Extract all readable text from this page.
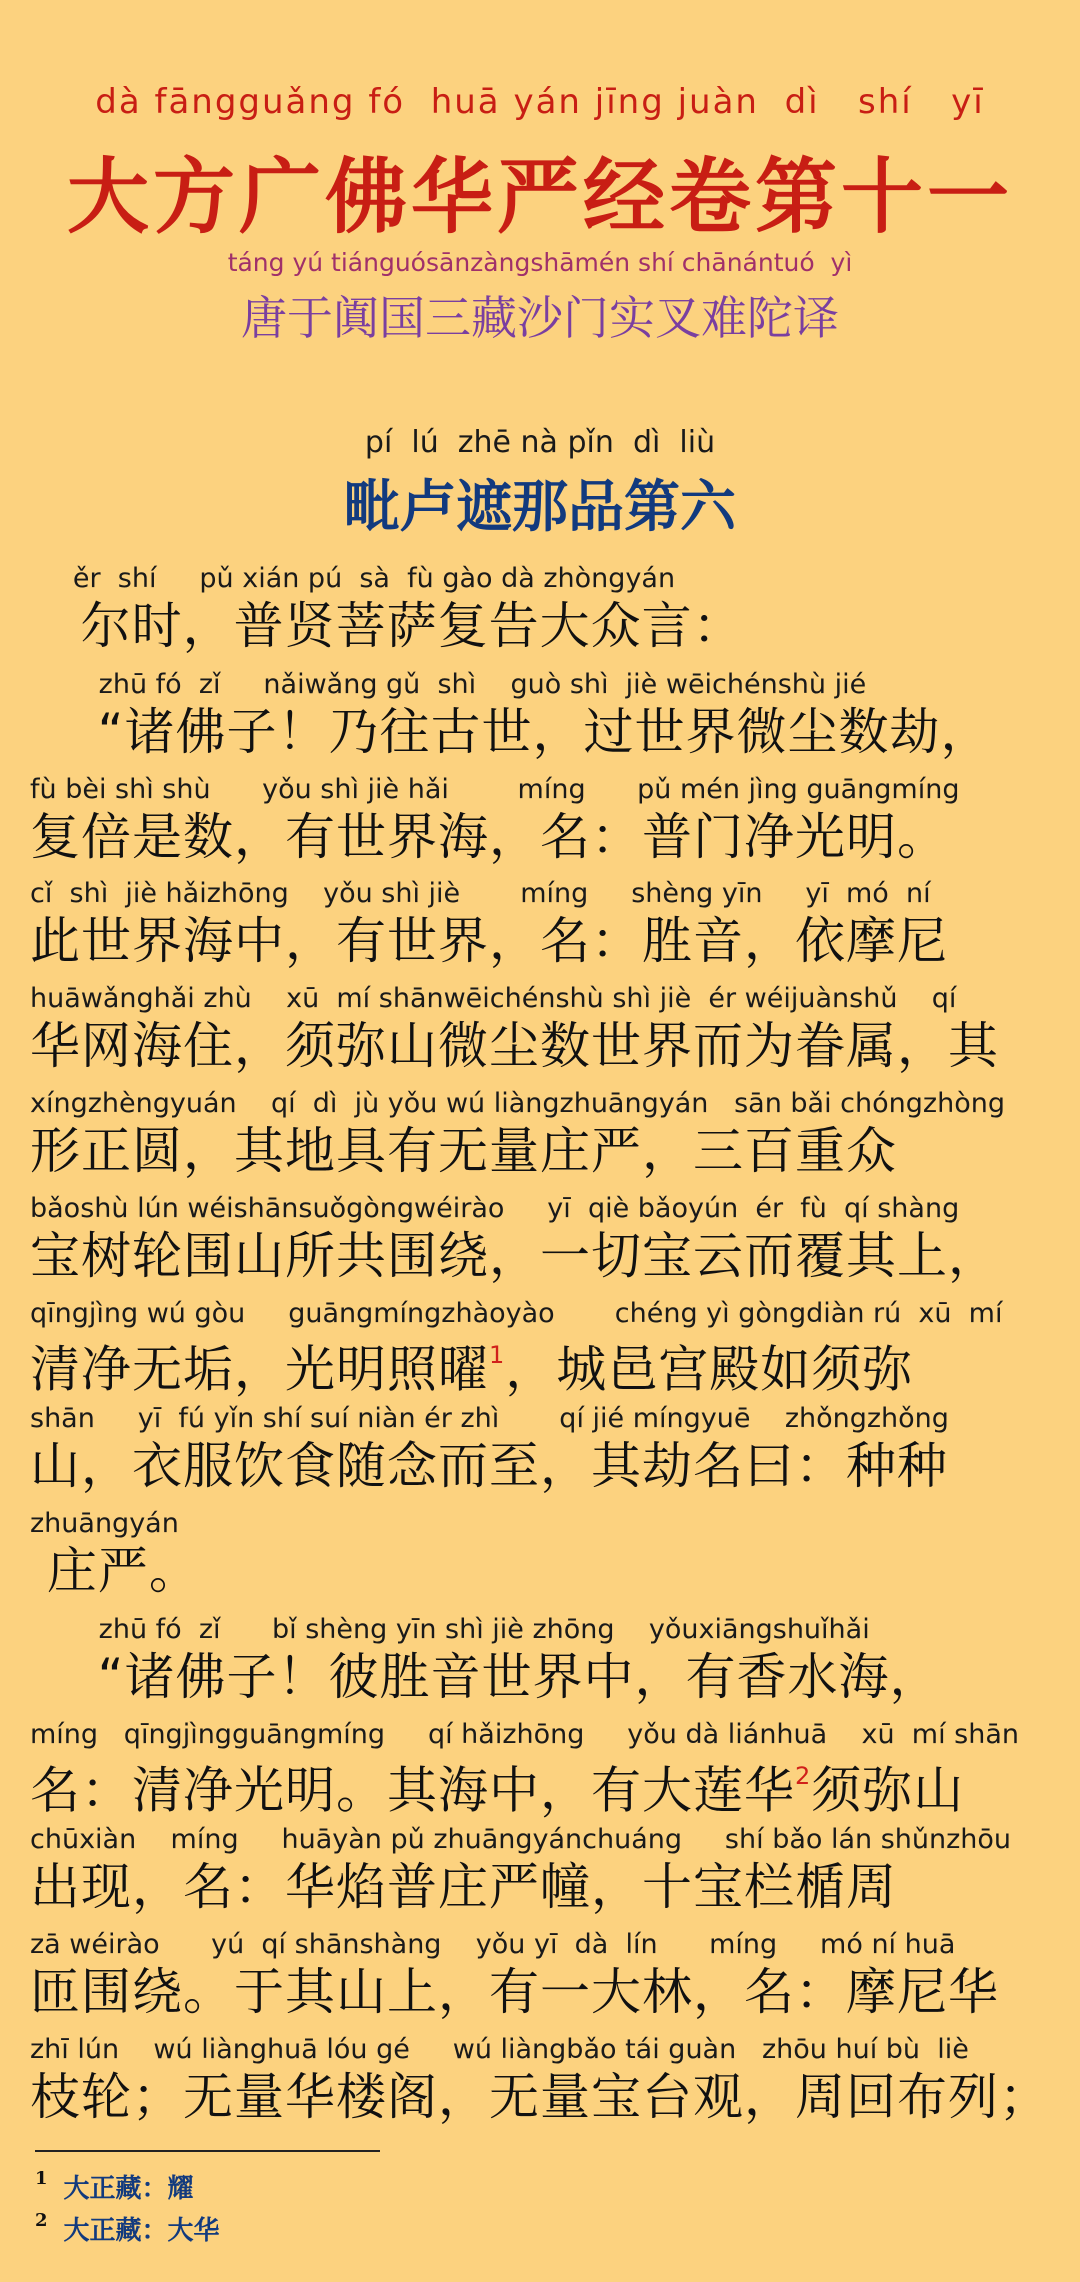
dà fāngguǎng fó  huā yán jīng juàn  dì   shí   yī
大方广佛华严经卷第十一
táng yú tiánguósānzàngshāmén shí chānántuó  yì
唐于阗国三藏沙门实叉难陀译
pí  lú  zhē nà pǐn  dì  liù
毗卢遮那品第六
ěr  shí     pǔ xián pú  sà  fù gào dà zhòngyán
尔时，普贤菩萨复告大众言：
zhū fó  zǐ     nǎiwǎng gǔ  shì    guò shì  jiè wēichénshù jié
“诸佛子！乃往古世，过世界微尘数劫，
fù bèi shì shù      yǒu shì jiè hǎi        míng      pǔ mén jìng guāngmíng
复倍是数，有世界海，名：普门净光明。
cǐ  shì  jiè hǎizhōng    yǒu shì jiè       míng     shèng yīn     yī  mó  ní
此世界海中，有世界，名：胜音，依摩尼
huāwǎnghǎi zhù    xū  mí shānwēichénshù shì jiè  ér wéijuànshǔ    qí
华网海住，须弥山微尘数世界而为眷属，其
xíngzhèngyuán    qí  dì  jù yǒu wú liàngzhuāngyán   sān bǎi chóngzhòng
形正圆，其地具有无量庄严，三百重众
bǎoshù lún wéishānsuǒgòngwéirào     yī  qiè bǎoyún  ér  fù  qí shàng
宝树轮围山所共围绕，一切宝云而覆其上，
qīngjìng wú gòu     guāngmíngzhàoyào       chéng yì gòngdiàn rú  xū  mí
清净无垢，光明照曜$^1$，城邑宫殿如须弥
shān     yī  fú yǐn shí suí niàn ér zhì       qí jié míngyuē    zhǒngzhǒng
山，衣服饮食随念而至，其劫名曰：种种
zhuāngyán
庄严。
zhū fó  zǐ      bǐ shèng yīn shì jiè zhōng    yǒuxiāngshuǐhǎi
“诸佛子！彼胜音世界中，有香水海，
míng   qīngjìngguāngmíng     qí hǎizhōng     yǒu dà liánhuā    xū  mí shān
名：清净光明。其海中，有大莲华$^2$须弥山
chūxiàn    míng     huāyàn pǔ zhuāngyánchuáng     shí bǎo lán shǔnzhōu
出现，名：华焰普庄严幢，十宝栏楯周
zā wéirào      yú  qí shānshàng    yǒu yī  dà  lín      míng     mó ní huā
匝围绕。于其山上，有一大林，名：摩尼华
zhī lún    wú liànghuā lóu gé     wú liàngbǎo tái guàn   zhōu huí bù  liè
枝轮；无量华楼阁，无量宝台观，周回布列；
$^1$ 大正藏：耀
$^2$ 大正藏：大华
